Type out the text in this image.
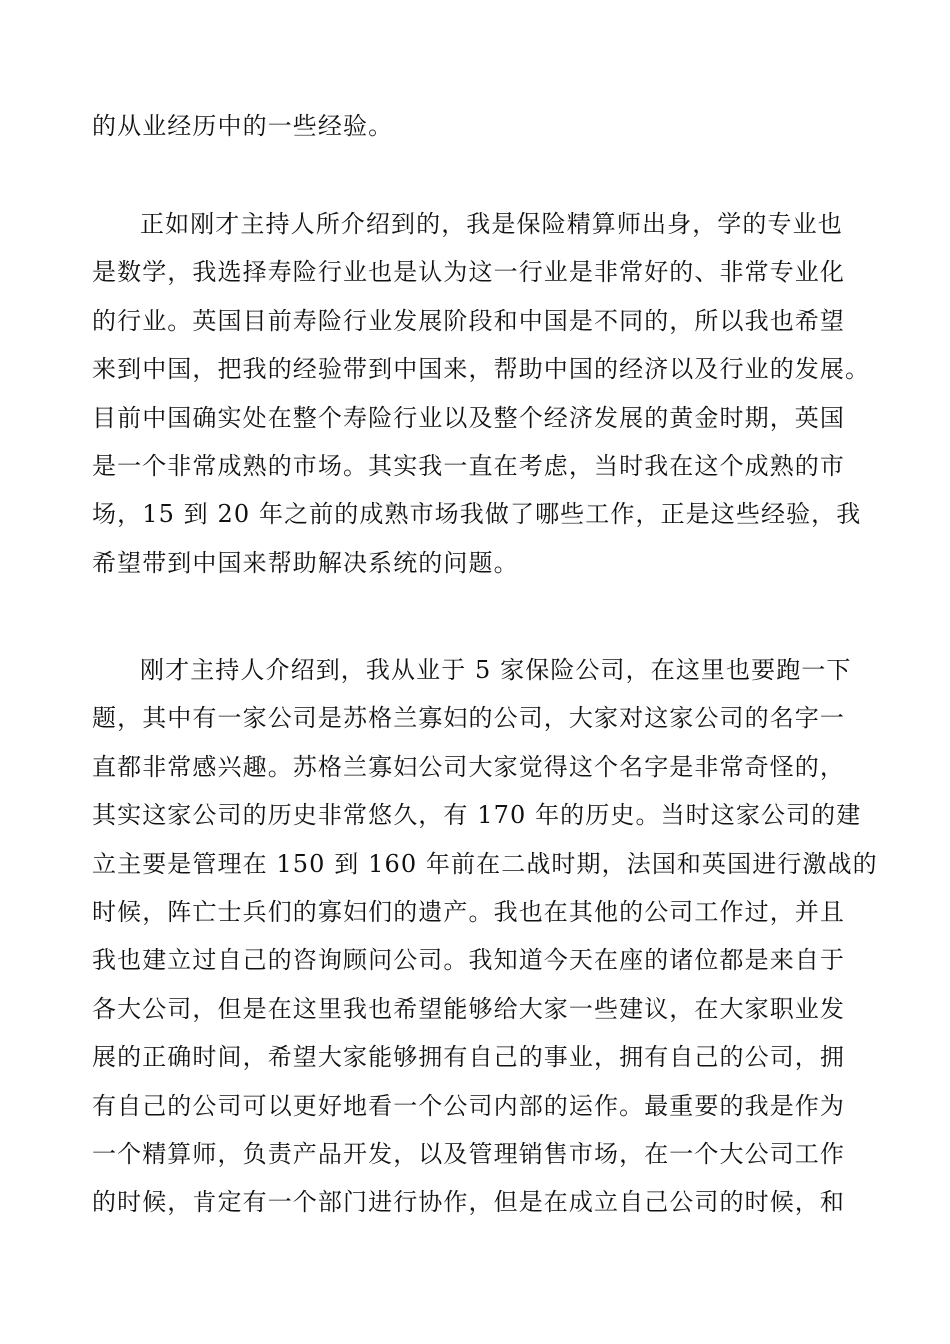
的从业经历中的一些经验。
正如刚才主持人所介绍到的，我是保险精算师出身，学的专业也
是数学，我选择寿险行业也是认为这一行业是非常好的、非常专业化
的行业。英国目前寿险行业发展阶段和中国是不同的，所以我也希望
来到中国，把我的经验带到中国来，帮助中国的经济以及行业的发展。
目前中国确实处在整个寿险行业以及整个经济发展的黄金时期，英国
是一个非常成熟的市场。其实我一直在考虑，当时我在这个成熟的市
场，15 到 20 年之前的成熟市场我做了哪些工作，正是这些经验，我
希望带到中国来帮助解决系统的问题。
刚才主持人介绍到，我从业于 5 家保险公司，在这里也要跑一下
题，其中有一家公司是苏格兰寡妇的公司，大家对这家公司的名字一
直都非常感兴趣。苏格兰寡妇公司大家觉得这个名字是非常奇怪的，
其实这家公司的历史非常悠久，有 170 年的历史。当时这家公司的建
立主要是管理在 150 到 160 年前在二战时期，法国和英国进行激战的
时候，阵亡士兵们的寡妇们的遗产。我也在其他的公司工作过，并且
我也建立过自己的咨询顾问公司。我知道今天在座的诸位都是来自于
各大公司，但是在这里我也希望能够给大家一些建议，在大家职业发
展的正确时间，希望大家能够拥有自己的事业，拥有自己的公司，拥
有自己的公司可以更好地看一个公司内部的运作。最重要的我是作为
一个精算师，负责产品开发，以及管理销售市场，在一个大公司工作
的时候，肯定有一个部门进行协作，但是在成立自己公司的时候，和
